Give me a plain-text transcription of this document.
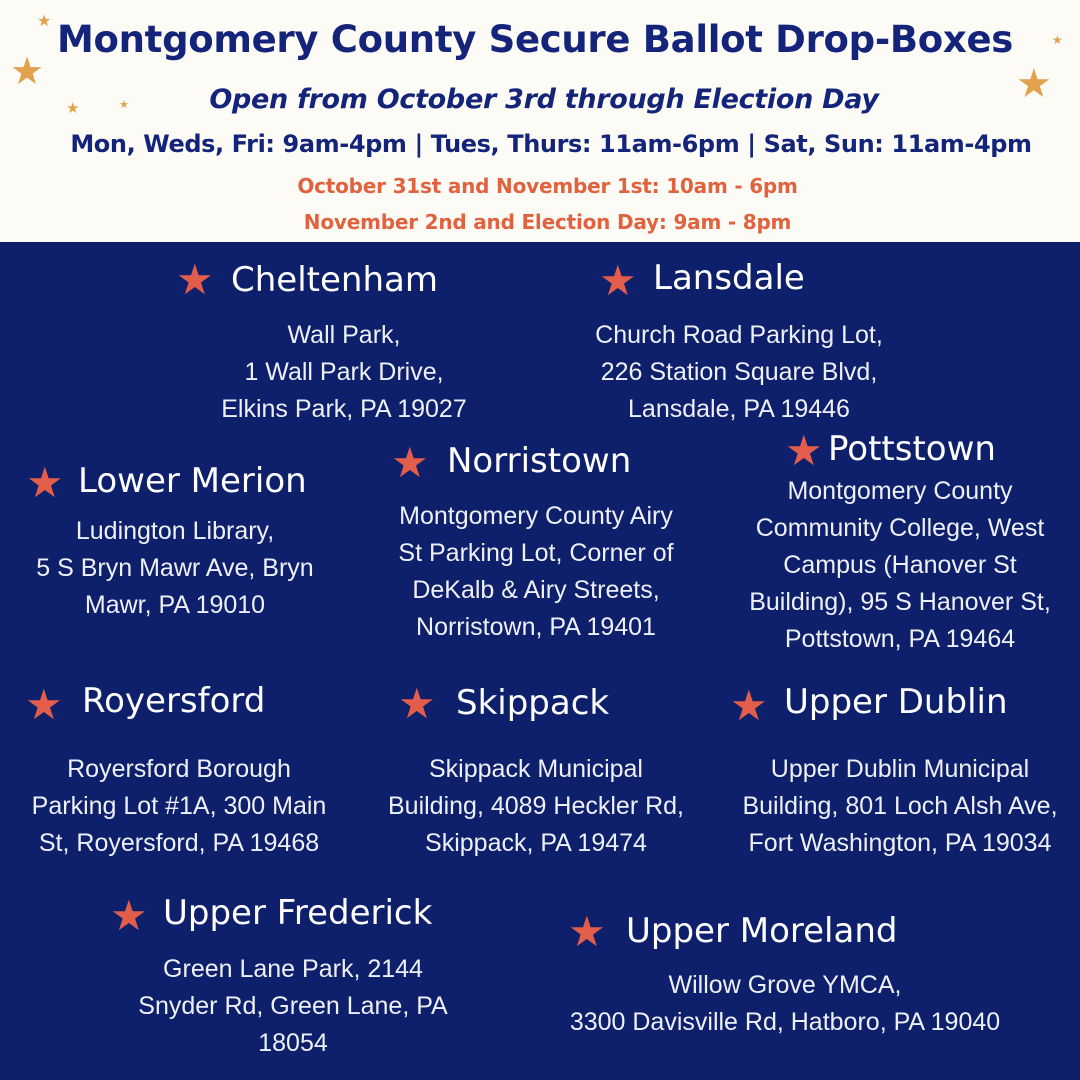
★
★
★	★	★
★
Montgomery County Secure Ballot Drop-Boxes
Open from October 3rd through Election Day
Mon, Weds, Fri: 9am-4pm | Tues, Thurs: 11am-6pm | Sat, Sun: 11am-4pm
October 31st and November 1st: 10am - 6pm
November 2nd and Election Day: 9am - 8pm
★ Cheltenham
Wall Park,
1 Wall Park Drive,
Elkins Park, PA 19027
★ Lansdale
Church Road Parking Lot,
226 Station Square Blvd,
Lansdale, PA 19446
★ Lower Merion
Ludington Library,
5 S Bryn Mawr Ave, Bryn
Mawr, PA 19010
★ Norristown
Montgomery County Airy
St Parking Lot, Corner of
DeKalb & Airy Streets,
Norristown, PA 19401
★ Pottstown
Montgomery County
Community College, West
Campus (Hanover St
Building), 95 S Hanover St,
Pottstown, PA 19464
★ Royersford
Royersford Borough
Parking Lot #1A, 300 Main
St, Royersford, PA 19468
★ Skippack
Skippack Municipal
Building, 4089 Heckler Rd,
Skippack, PA 19474
★ Upper Dublin
Upper Dublin Municipal
Building, 801 Loch Alsh Ave,
Fort Washington, PA 19034
★ Upper Frederick
Green Lane Park, 2144
Snyder Rd, Green Lane, PA
18054
★ Upper Moreland
Willow Grove YMCA,
3300 Davisville Rd, Hatboro, PA 19040
